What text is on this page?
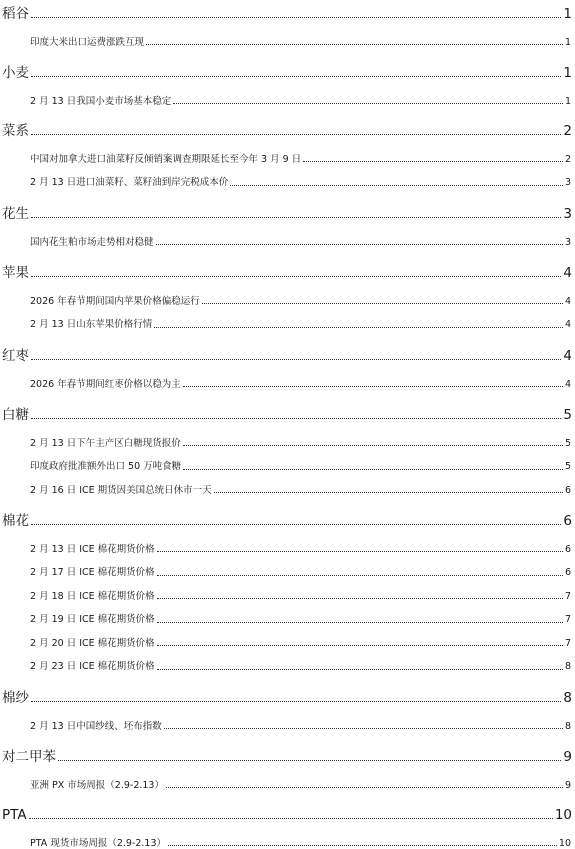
稻谷	1
印度大米出口运费涨跌互现	1
小麦	1
2 月 13 日我国小麦市场基本稳定	1
菜系	2
中国对加拿大进口油菜籽反倾销案调查期限延长至今年 3 月 9 日	2
2 月 13 日进口油菜籽、菜籽油到岸完税成本价	3
花生	3
国内花生粕市场走势相对稳健	3
苹果	4
2026 年春节期间国内苹果价格偏稳运行	4
2 月 13 日山东苹果价格行情	4
红枣	4
2026 年春节期间红枣价格以稳为主	4
白糖	5
2 月 13 日下午主产区白糖现货报价	5
印度政府批准额外出口 50 万吨食糖	5
2 月 16 日 ICE 期货因美国总统日休市一天	6
棉花	6
2 月 13 日 ICE 棉花期货价格	6
2 月 17 日 ICE 棉花期货价格	6
2 月 18 日 ICE 棉花期货价格	7
2 月 19 日 ICE 棉花期货价格	7
2 月 20 日 ICE 棉花期货价格	7
2 月 23 日 ICE 棉花期货价格	8
棉纱	8
2 月 13 日中国纱线、坯布指数	8
对二甲苯	9
亚洲 PX 市场周报（2.9-2.13）	9
PTA	10
PTA 现货市场周报（2.9-2.13）	10
